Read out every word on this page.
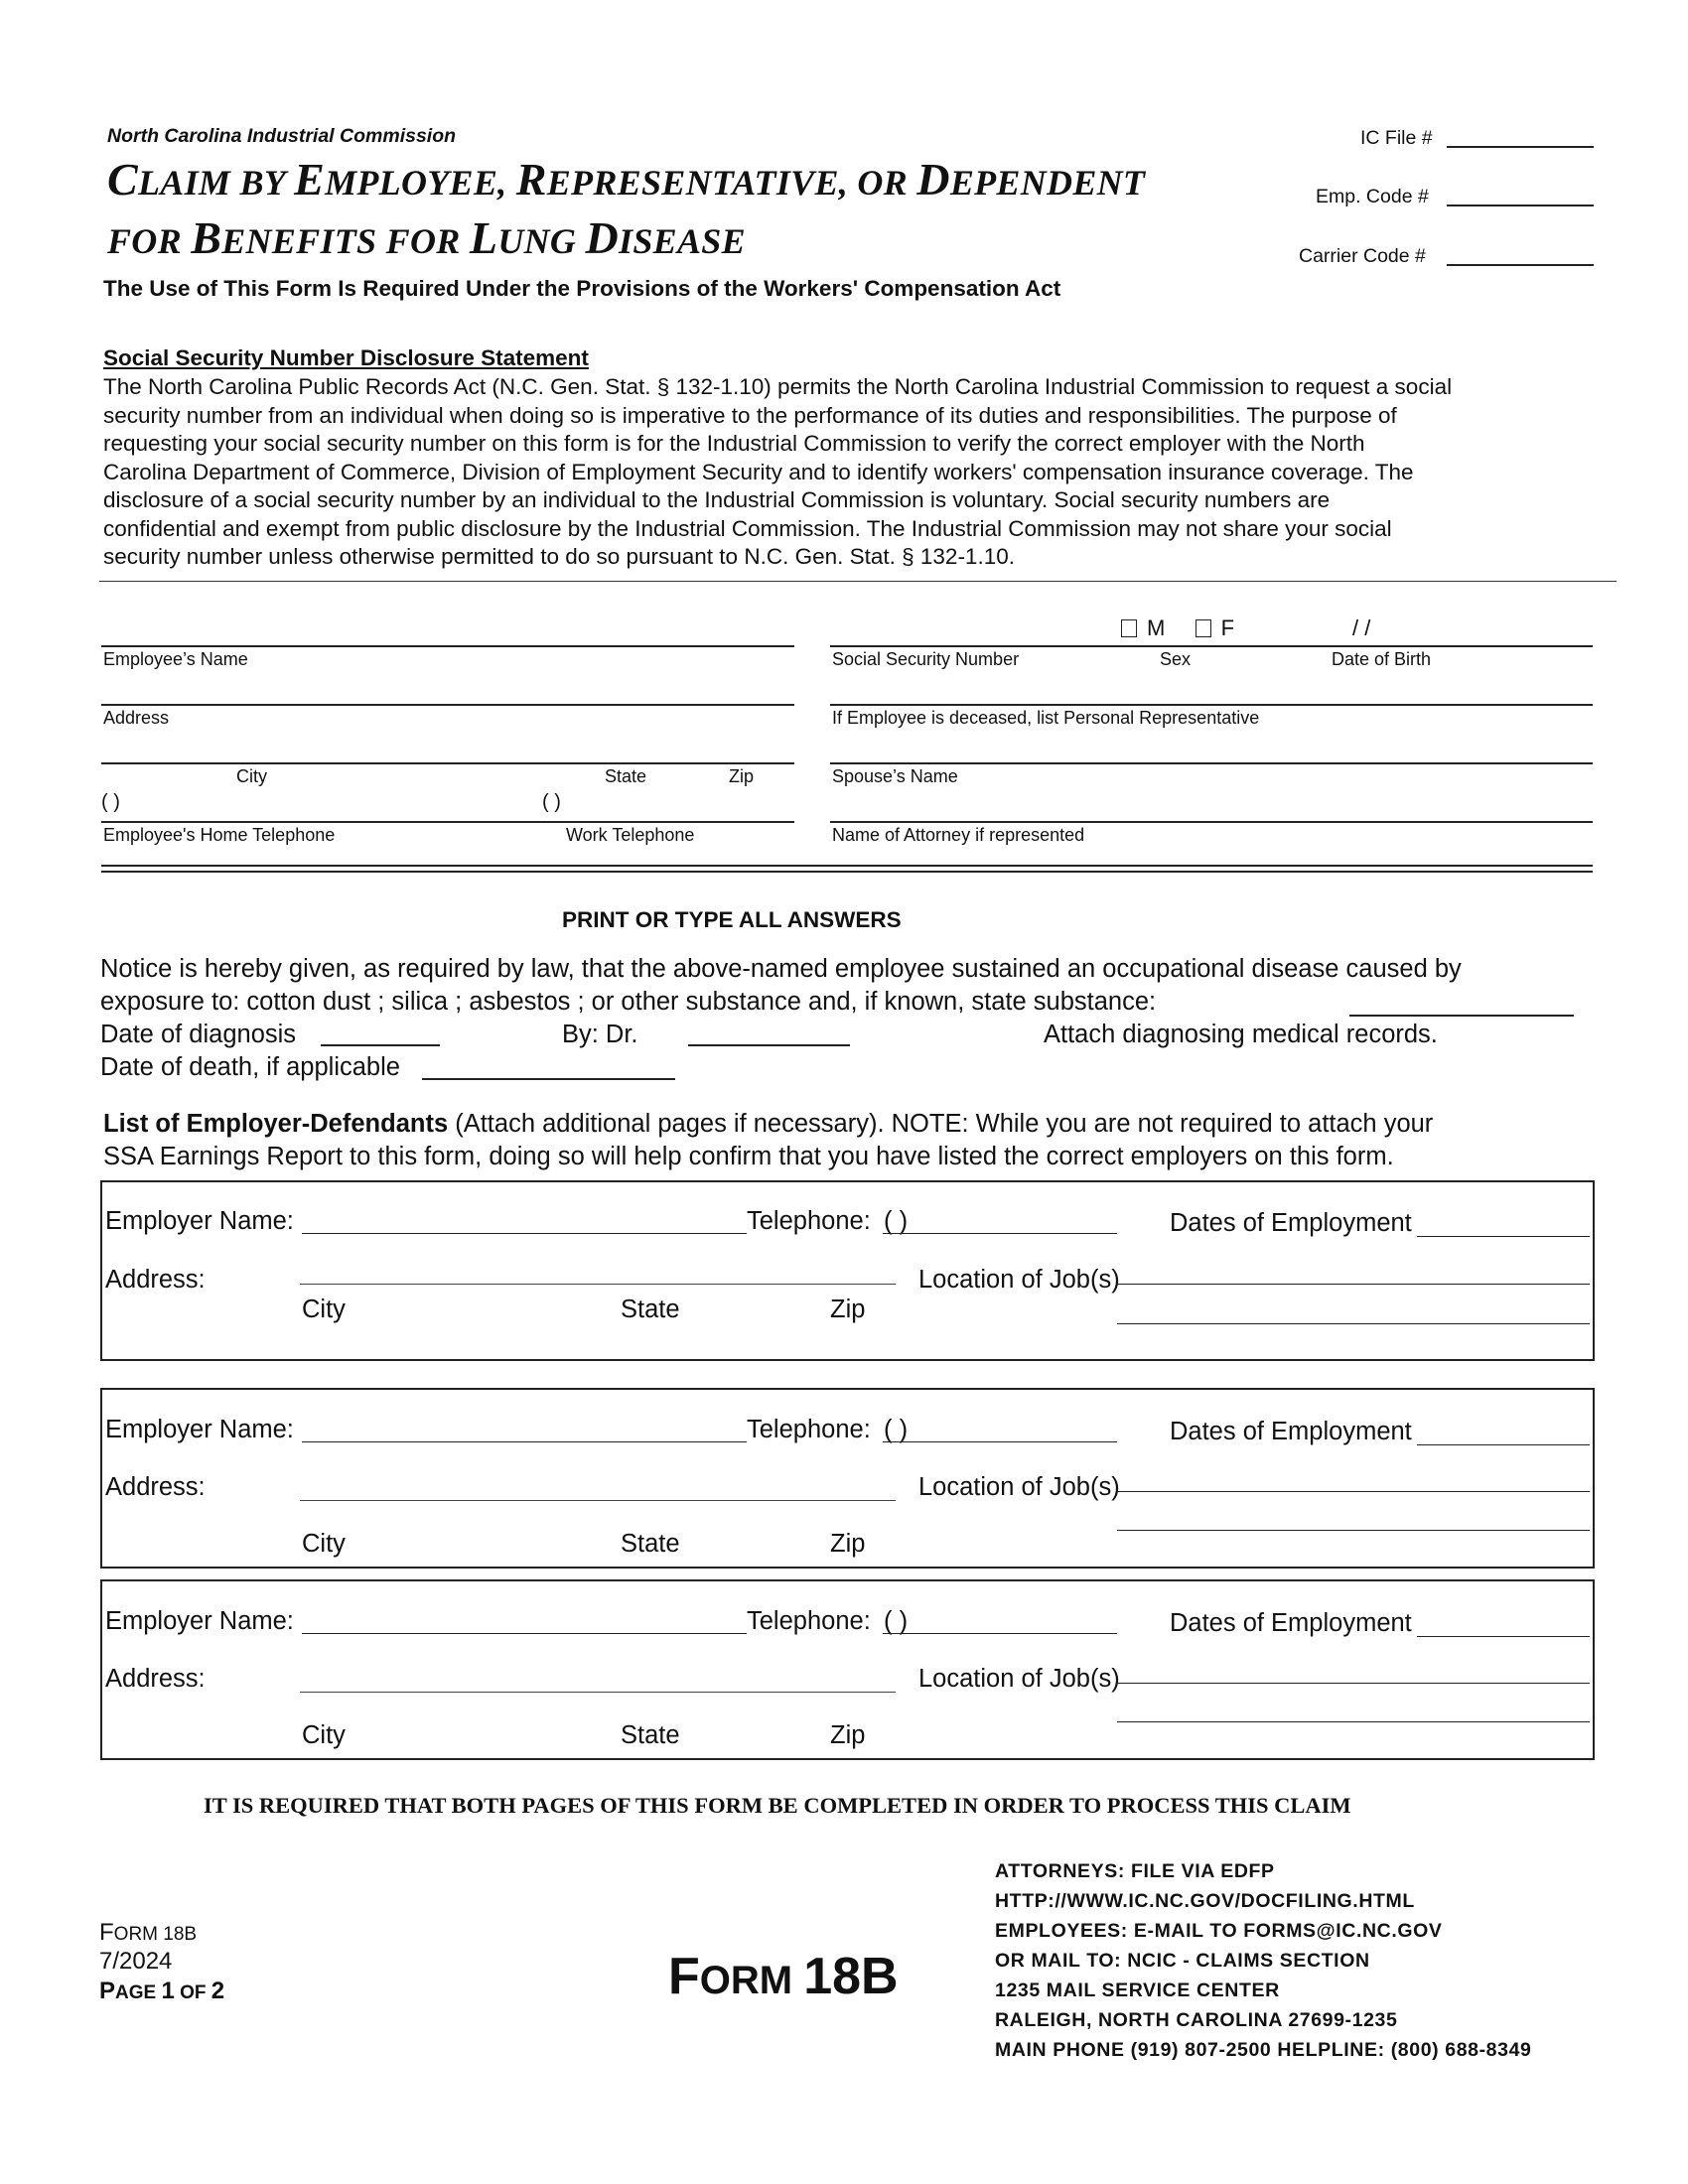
North Carolina Industrial Commission
CLAIM BY EMPLOYEE, REPRESENTATIVE, OR DEPENDENT
FOR BENEFITS FOR LUNG DISEASE
The Use of This Form Is Required Under the Provisions of the Workers' Compensation Act
IC File #
Emp. Code #
Carrier Code #
Social Security Number Disclosure Statement
The North Carolina Public Records Act (N.C. Gen. Stat. § 132-1.10) permits the North Carolina Industrial Commission to request a social
security number from an individual when doing so is imperative to the performance of its duties and responsibilities. The purpose of
requesting your social security number on this form is for the Industrial Commission to verify the correct employer with the North
Carolina Department of Commerce, Division of Employment Security and to identify workers' compensation insurance coverage. The
disclosure of a social security number by an individual to the Industrial Commission is voluntary. Social security numbers are
confidential and exempt from public disclosure by the Industrial Commission. The Industrial Commission may not share your social
security number unless otherwise permitted to do so pursuant to N.C. Gen. Stat. § 132-1.10.
Employee’s Name
M	F	/ /
Social Security Number	Sex	Date of Birth
Address	If Employee is deceased, list Personal Representative
City	State	Zip	Spouse’s Name
( )	( )
Employee's Home Telephone	Work Telephone	Name of Attorney if represented
PRINT OR TYPE ALL ANSWERS
Notice is hereby given, as required by law, that the above-named employee sustained an occupational disease caused by
exposure to: cotton dust ; silica ; asbestos ; or other substance and, if known, state substance:
Date of diagnosis	By: Dr.	Attach diagnosing medical records.
Date of death, if applicable
List of Employer-Defendants (Attach additional pages if necessary). NOTE: While you are not required to attach your
SSA Earnings Report to this form, doing so will help confirm that you have listed the correct employers on this form.
Employer Name:	Telephone: ( )	Dates of Employment
Address:	Location of Job(s)
City	State	Zip
Employer Name:	Telephone: ( )	Dates of Employment
Address:	Location of Job(s)
City	State	Zip
Employer Name:	Telephone: ( )	Dates of Employment
Address:	Location of Job(s)
City	State	Zip
IT IS REQUIRED THAT BOTH PAGES OF THIS FORM BE COMPLETED IN ORDER TO PROCESS THIS CLAIM
FORM 18B
7/2024
PAGE 1 OF 2	FORM 18B
ATTORNEYS: FILE VIA EDFP
HTTP://WWW.IC.NC.GOV/DOCFILING.HTML
EMPLOYEES: E-MAIL TO FORMS@IC.NC.GOV
OR MAIL TO: NCIC - CLAIMS SECTION
1235 MAIL SERVICE CENTER
RALEIGH, NORTH CAROLINA 27699-1235
MAIN PHONE (919) 807-2500 HELPLINE: (800) 688-8349
